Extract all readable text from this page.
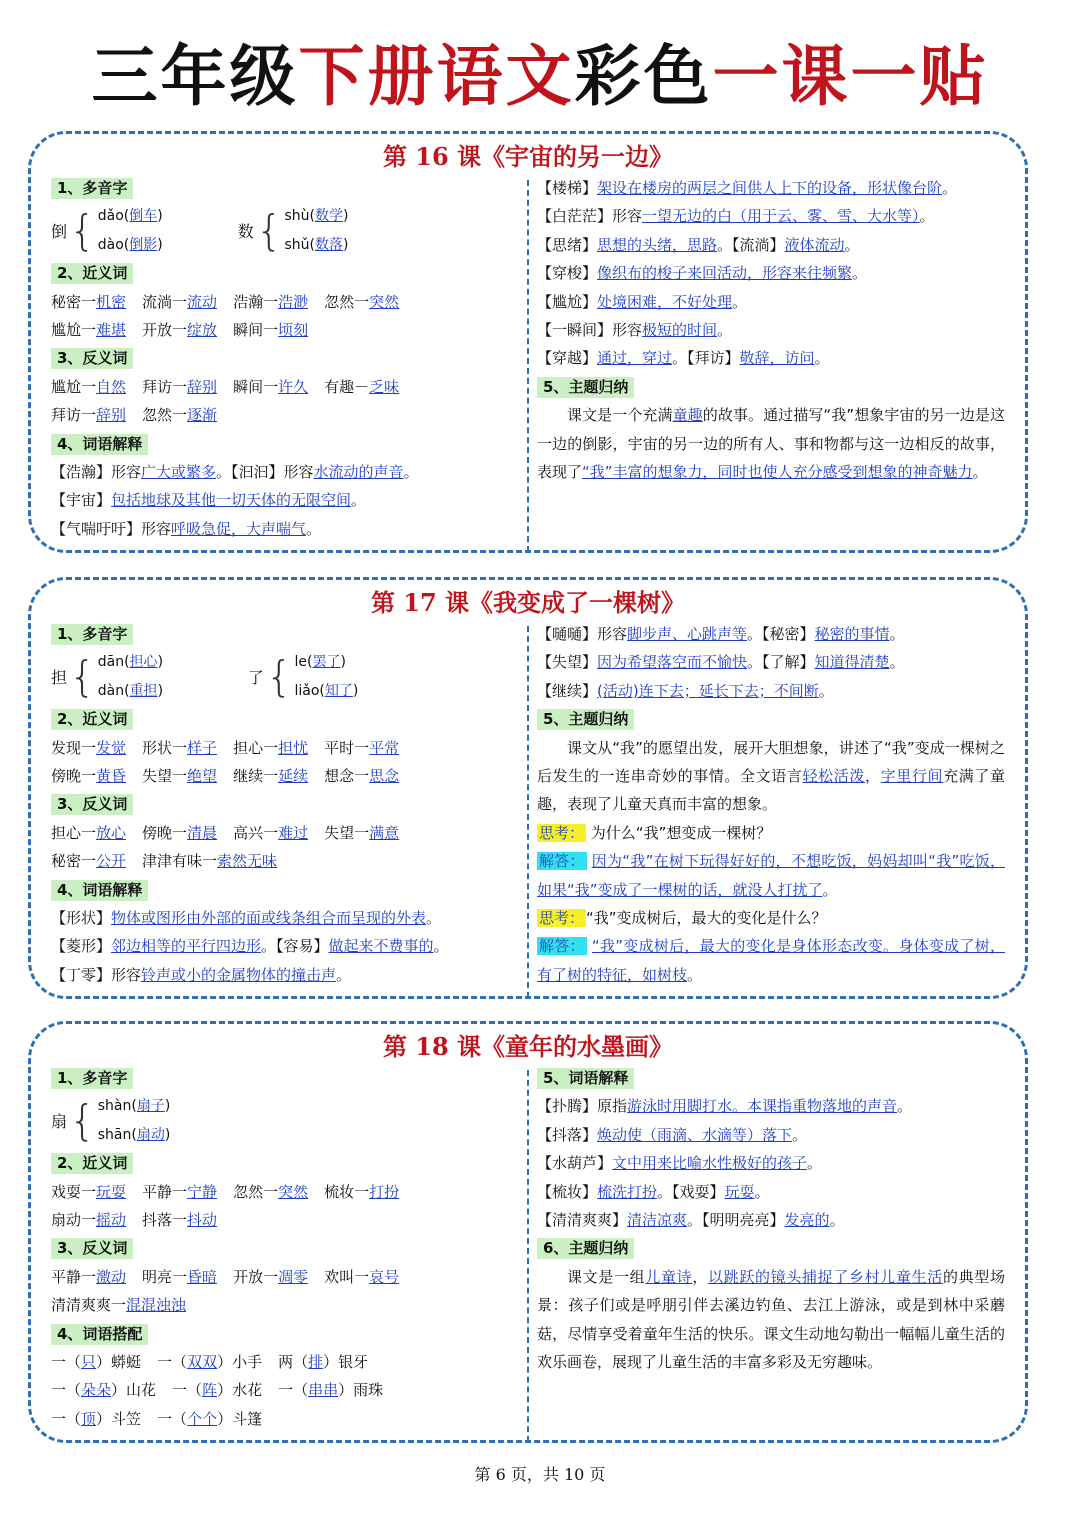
三年级下册语文彩色一课一贴
第 16 课《宇宙的另一边》
1、多音字
倒 { dǎo(倒车)
dào(倒影)
数 { shù(数学)
shǔ(数落)
2、近义词
秘密一机密 流淌一流动 浩瀚一浩渺 忽然一突然
尴尬一难堪 开放一绽放 瞬间一顷刻
3、反义词
尴尬一自然 拜访一辞别 瞬间一许久 有趣－乏味
拜访一辞别 忽然一逐渐
4、词语解释
【浩瀚】形容广大或繁多。【汩汩】形容水流动的声音。
【宇宙】包括地球及其他一切天体的无限空间。
【气喘吁吁】形容呼吸急促，大声喘气。
【楼梯】架设在楼房的两层之间供人上下的设备，形状像台阶。
【白茫茫】形容一望无边的白（用于云、雾、雪、大水等）。
【思绪】思想的头绪，思路。【流淌】液体流动。
【穿梭】像织布的梭子来回活动，形容来往频繁。
【尴尬】处境困难，不好处理。
【一瞬间】形容极短的时间。
【穿越】通过，穿过。【拜访】敬辞，访问。
5、主题归纳
课文是一个充满童趣的故事。通过描写“我”想象宇宙的另一边是这一边的倒影，宇宙的另一边的所有人、事和物都与这一边相反的故事，表现了“我”丰富的想象力，同时也使人充分感受到想象的神奇魅力。
第 17 课《我变成了一棵树》
1、多音字
担 { dān(担心)
dàn(重担)
了 { le(罢了)
liǎo(知了)
2、近义词
发现一发觉 形状一样子 担心一担忧 平时一平常
傍晚一黄昏 失望一绝望 继续一延续 想念一思念
3、反义词
担心一放心 傍晚一清晨 高兴一难过 失望一满意
秘密一公开 津津有味一索然无味
4、词语解释
【形状】物体或图形由外部的面或线条组合而呈现的外表。
【菱形】邻边相等的平行四边形。【容易】做起来不费事的。
【丁零】形容铃声或小的金属物体的撞击声。
【嗵嗵】形容脚步声、心跳声等。【秘密】秘密的事情。
【失望】因为希望落空而不愉快。【了解】知道得清楚。
【继续】(活动)连下去；延长下去；不间断。
5、主题归纳
课文从“我”的愿望出发，展开大胆想象，讲述了“我”变成一棵树之后发生的一连串奇妙的事情。全文语言轻松活泼，字里行间充满了童趣，表现了儿童天真而丰富的想象。
思考： 为什么“我”想变成一棵树？
解答： 因为“我”在树下玩得好好的，不想吃饭，妈妈却叫“我”吃饭，如果“我”变成了一棵树的话，就没人打扰了。
思考： “我”变成树后，最大的变化是什么？
解答： “我”变成树后，最大的变化是身体形态改变。身体变成了树，有了树的特征，如树枝。
第 18 课《童年的水墨画》
1、多音字
扇 { shàn(扇子)
shān(扇动)
2、近义词
戏耍一玩耍 平静一宁静 忽然一突然 梳妆一打扮
扇动一摇动 抖落一抖动
3、反义词
平静一激动 明亮一昏暗 开放一凋零 欢叫一哀号
清清爽爽一混混浊浊
4、词语搭配
一（只）蟒蜓 一（双双）小手 两（排）银牙
一（朵朵）山花 一（阵）水花 一（串串）雨珠
一（顶）斗笠 一（个个）斗篷
5、词语解释
【扑腾】原指游泳时用脚打水。本课指重物落地的声音。
【抖落】焕动使（雨滴、水滴等）落下。
【水葫芦】文中用来比喻水性极好的孩子。
【梳妆】梳洗打扮。【戏耍】玩耍。
【清清爽爽】清洁凉爽。【明明亮亮】发亮的。
6、主题归纳
课文是一组儿童诗，以跳跃的镜头捕捉了乡村儿童生活的典型场景：孩子们或是呼朋引伴去溪边钓鱼、去江上游泳，或是到林中采蘑菇，尽情享受着童年生活的快乐。课文生动地勾勒出一幅幅儿童生活的欢乐画卷，展现了儿童生活的丰富多彩及无穷趣味。
第 6 页，共 10 页
